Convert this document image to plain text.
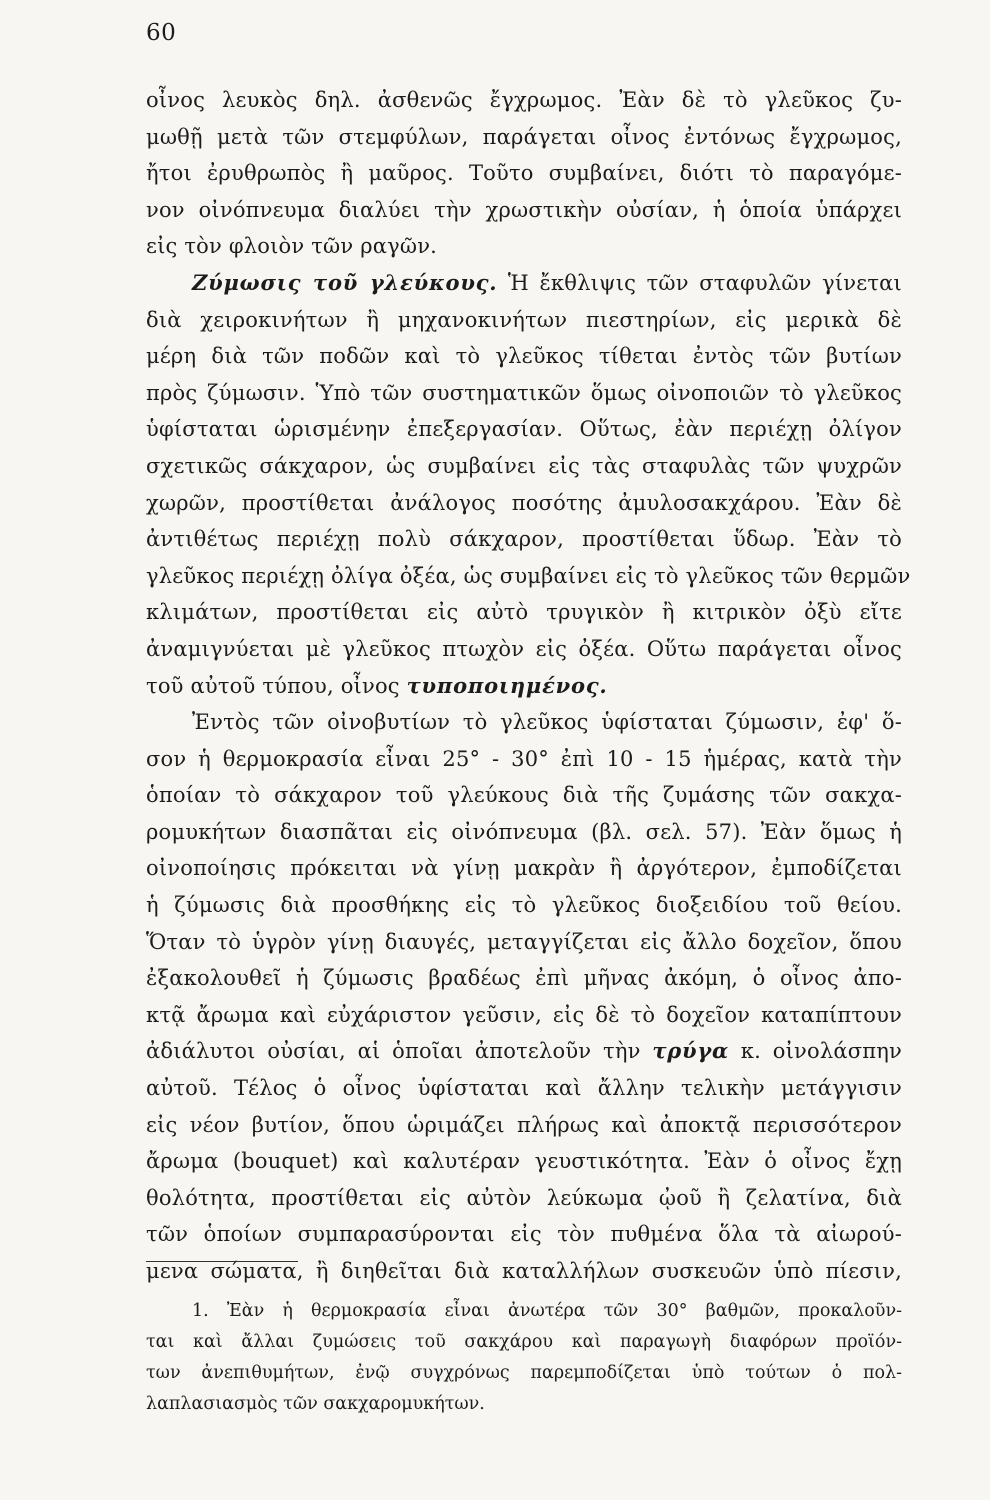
60
οἶνος λευκὸς δηλ. ἀσθενῶς ἔγχρωμος. Ἐὰν δὲ τὸ γλεῦκος ζυ-
μωθῇ μετὰ τῶν στεμφύλων, παράγεται οἶνος ἐντόνως ἔγχρωμος,
ἤτοι ἐρυθρωπὸς ἢ μαῦρος. Τοῦτο συμβαίνει, διότι τὸ παραγόμε-
νον οἰνόπνευμα διαλύει τὴν χρωστικὴν οὐσίαν, ἡ ὁποία ὑπάρχει
εἰς τὸν φλοιὸν τῶν ραγῶν.
Ζύμωσις τοῦ γλεύκους. Ἡ ἔκθλιψις τῶν σταφυλῶν γίνεται
διὰ χειροκινήτων ἢ μηχανοκινήτων πιεστηρίων, εἰς μερικὰ δὲ
μέρη διὰ τῶν ποδῶν καὶ τὸ γλεῦκος τίθεται ἐντὸς τῶν βυτίων
πρὸς ζύμωσιν. Ὑπὸ τῶν συστηματικῶν ὅμως οἰνοποιῶν τὸ γλεῦκος
ὑφίσταται ὡρισμένην ἐπεξεργασίαν. Οὕτως, ἐὰν περιέχῃ ὀλίγον
σχετικῶς σάκχαρον, ὡς συμβαίνει εἰς τὰς σταφυλὰς τῶν ψυχρῶν
χωρῶν, προστίθεται ἀνάλογος ποσότης ἀμυλοσακχάρου. Ἐὰν δὲ
ἀντιθέτως περιέχῃ πολὺ σάκχαρον, προστίθεται ὕδωρ. Ἐὰν τὸ
γλεῦκος περιέχῃ ὀλίγα ὀξέα, ὡς συμβαίνει εἰς τὸ γλεῦκος τῶν θερμῶν
κλιμάτων, προστίθεται εἰς αὐτὸ τρυγικὸν ἢ κιτρικὸν ὀξὺ εἴτε
ἀναμιγνύεται μὲ γλεῦκος πτωχὸν εἰς ὀξέα. Οὕτω παράγεται οἶνος
τοῦ αὐτοῦ τύπου, οἶνος τυποποιημένος.
Ἐντὸς τῶν οἰνοβυτίων τὸ γλεῦκος ὑφίσταται ζύμωσιν, ἐφ' ὅ-
σον ἡ θερμοκρασία εἶναι 25° - 30° ἐπὶ 10 - 15 ἡμέρας, κατὰ τὴν
ὁποίαν τὸ σάκχαρον τοῦ γλεύκους διὰ τῆς ζυμάσης τῶν σακχα-
ρομυκήτων διασπᾶται εἰς οἰνόπνευμα (βλ. σελ. 57). Ἐὰν ὅμως ἡ
οἰνοποίησις πρόκειται νὰ γίνῃ μακρὰν ἢ ἀργότερον, ἐμποδίζεται
ἡ ζύμωσις διὰ προσθήκης εἰς τὸ γλεῦκος διοξειδίου τοῦ θείου.
Ὅταν τὸ ὑγρὸν γίνῃ διαυγές, μεταγγίζεται εἰς ἄλλο δοχεῖον, ὅπου
ἐξακολουθεῖ ἡ ζύμωσις βραδέως ἐπὶ μῆνας ἀκόμη, ὁ οἶνος ἀπο-
κτᾷ ἄρωμα καὶ εὐχάριστον γεῦσιν, εἰς δὲ τὸ δοχεῖον καταπίπτουν
ἀδιάλυτοι οὐσίαι, αἱ ὁποῖαι ἀποτελοῦν τὴν τρύγα κ. οἰνολάσπην
αὐτοῦ. Τέλος ὁ οἶνος ὑφίσταται καὶ ἄλλην τελικὴν μετάγγισιν
εἰς νέον βυτίον, ὅπου ὡριμάζει πλήρως καὶ ἀποκτᾷ περισσότερον
ἄρωμα (bouquet) καὶ καλυτέραν γευστικότητα. Ἐὰν ὁ οἶνος ἔχῃ
θολότητα, προστίθεται εἰς αὐτὸν λεύκωμα ᾠοῦ ἢ ζελατίνα, διὰ
τῶν ὁποίων συμπαρασύρονται εἰς τὸν πυθμένα ὅλα τὰ αἰωρού-
μενα σώματα, ἢ διηθεῖται διὰ καταλλήλων συσκευῶν ὑπὸ πίεσιν,
1. Ἐὰν ἡ θερμοκρασία εἶναι ἀνωτέρα τῶν 30° βαθμῶν, προκαλοῦν-
ται καὶ ἄλλαι ζυμώσεις τοῦ σακχάρου καὶ παραγωγὴ διαφόρων προϊόν-
των ἀνεπιθυμήτων, ἐνῷ συγχρόνως παρεμποδίζεται ὑπὸ τούτων ὁ πολ-
λαπλασιασμὸς τῶν σακχαρομυκήτων.
